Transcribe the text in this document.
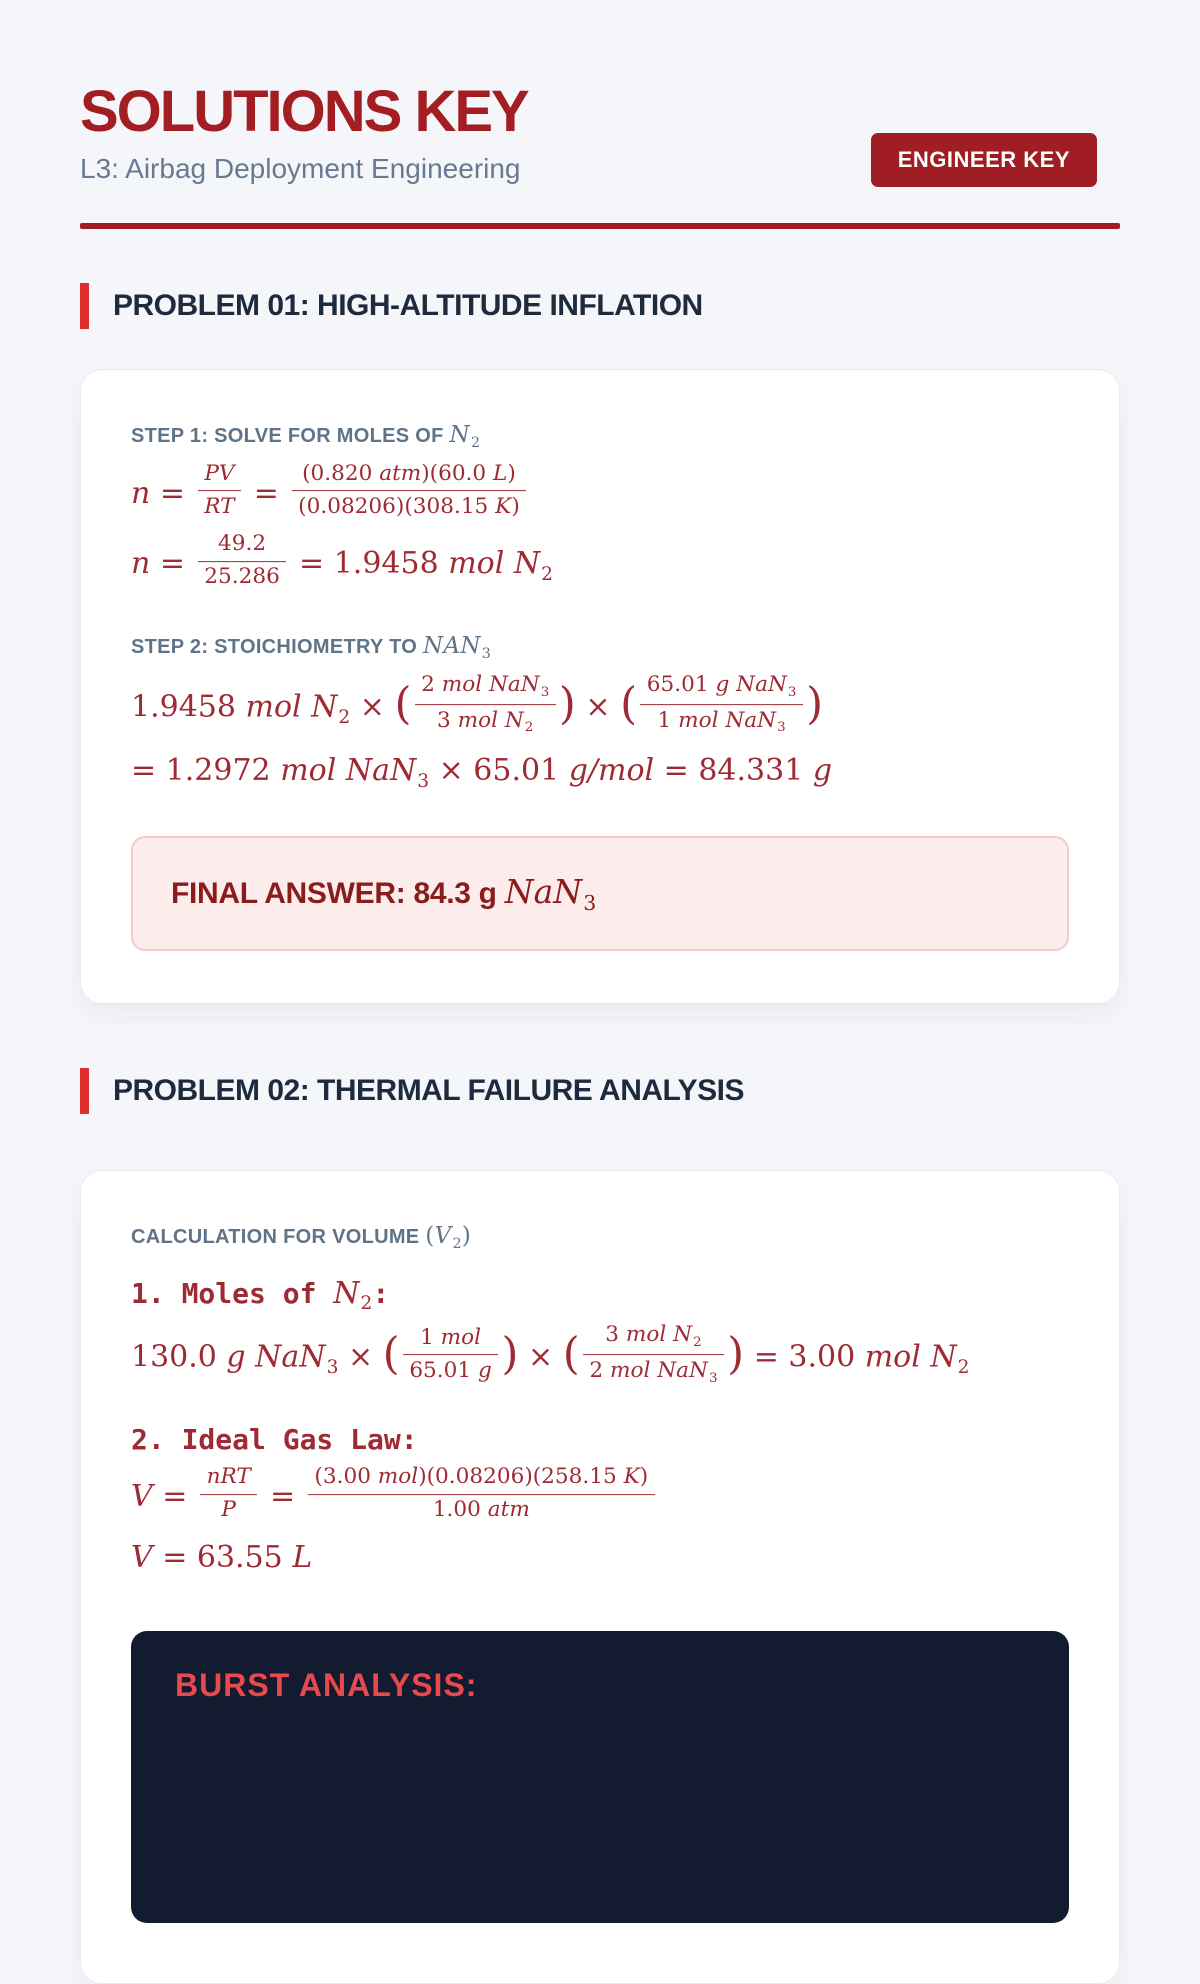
SOLUTIONS KEY
L3: Airbag Deployment Engineering	ENGINEER KEY
PROBLEM 01: HIGH-ALTITUDE INFLATION
STEP 1: SOLVE FOR MOLES OF $N_2$
$n = \frac{PV}{RT} = \frac{\text{(0.820 atm)(60.0 L)}}{(0.08206)(308.15 K)}$
$n = \frac{49.2}{25.286} = 1.9458$ mol $N_2$
STEP 2: STOICHIOMETRY TO $NAN_3$
1.9458 mol $N_2$ × ( $\frac{2 mol NaN_3}{3 mol N_2}$ ) × ( $\frac{65.01 g NaN_3}{1 mol NaN_3}$ )
= 1.2972 mol NaN$_3$ × 65.01 g/mol = 84.331 g
FINAL ANSWER: 84.3 g NaN$_3$
PROBLEM 02: THERMAL FAILURE ANALYSIS
CALCULATION FOR VOLUME $(V_2)$
1. Moles of $N_2$:
130.0 g NaN$_3$ × ( $\frac{\text{1 mol}}{65.01 g}$ ) × ( $\frac{3 mol N_2}{2 mol NaN_3}$ ) = 3.00 mol $N_2$
2. Ideal Gas Law:
$V = \frac{\text{nRT}}{P} = \frac{\text{(3.00 mol)(0.08206)(258.15 K)}}{\text{1.00 atm}}$
V = 63.55 L
BURST ANALYSIS:
